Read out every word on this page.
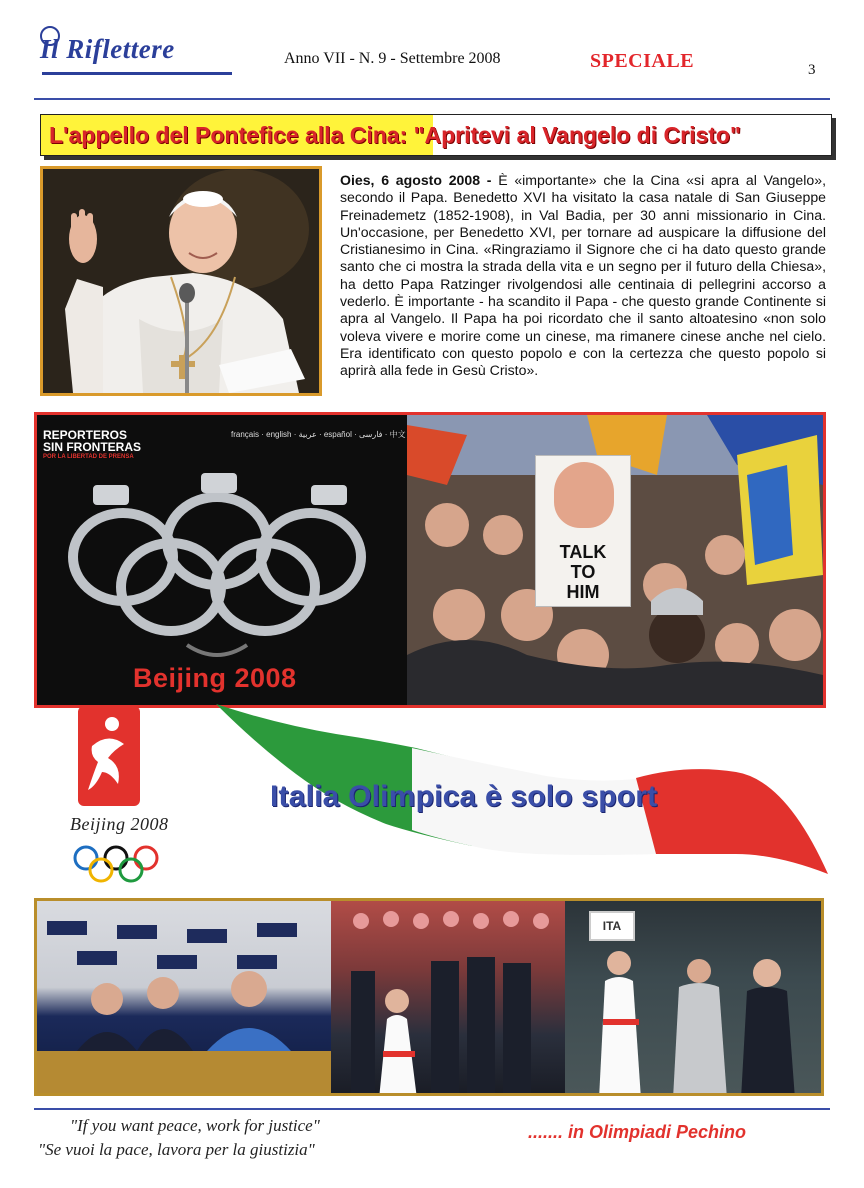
Il Riflettere	Anno VII - N. 9 - Settembre 2008	SPECIALE	3
L'appello del Pontefice alla Cina: "Apritevi al Vangelo di Cristo"
Oies, 6 agosto 2008 - È «importante» che la Cina «si apra al Vangelo», secondo il Papa. Benedetto XVI ha visitato la casa natale di San Giuseppe Freinademetz (1852-1908), in Val Badia, per 30 anni missionario in Cina. Un'occasione, per Benedetto XVI, per tornare ad auspicare la diffusione del Cristianesimo in Cina. «Ringraziamo il Signore che ci ha dato questo grande santo che ci mostra la strada della vita e un segno per il futuro della Chiesa», ha detto Papa Ratzinger rivolgendosi alle centinaia di pellegrini accorso a vederlo. È importante - ha scandito il Papa - che questo grande Continente si apra al Vangelo. Il Papa ha poi ricordato che il santo altoatesino «non solo voleva vivere e morire come un cinese, ma rimanere cinese anche nel cielo. Era identificato con questo popolo e con la certezza che questo popolo si aprirà alla fede in Gesù Cristo».
REPORTEROS
SIN FRONTERAS
POR LA LIBERTAD DE PRENSA
français · english · عربية · español · فارسی · 中文
Beijing 2008
TALK
TO
HIM
Beijing 2008
Italia Olimpica è solo sport
ITA
"If you want peace, work for justice"
"Se vuoi la pace, lavora per la giustizia"
....... in Olimpiadi Pechino
